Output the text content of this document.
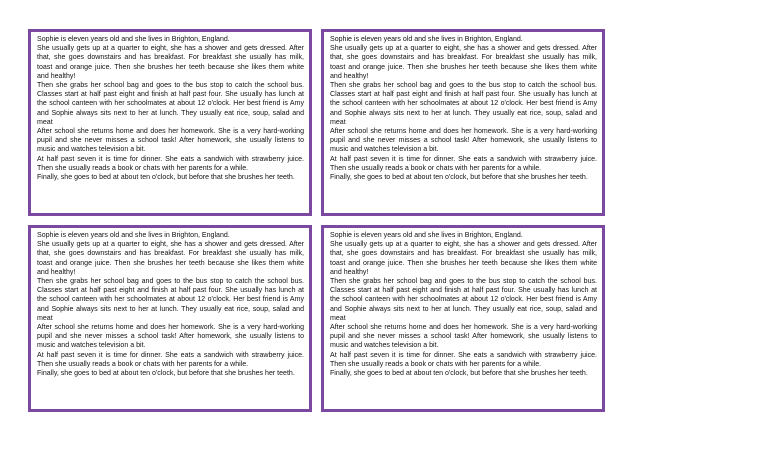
Sophie is eleven years old and she lives in Brighton, England.

She usually gets up at a quarter to eight, she has a shower and gets dressed. After that, she goes downstairs and has breakfast. For breakfast she usually has milk, toast and orange juice. Then she brushes her teeth because she likes them white and healthy!

Then she grabs her school bag and goes to the bus stop to catch the school bus. Classes start at half past eight and finish at half past four. She usually has lunch at the school canteen with her schoolmates at about 12 o'clock. Her best friend is Amy and Sophie always sits next to her at lunch. They usually eat rice, soup, salad and meat

After school she returns home and does her homework. She is a very hard-working pupil and she never misses a school task! After homework, she usually listens to music and watches television a bit.

At half past seven it is time for dinner. She eats a sandwich with strawberry juice. Then she usually reads a book or chats with her parents for a while.

Finally, she goes to bed at about ten o'clock, but before that she brushes her teeth.

Sophie is eleven years old and she lives in Brighton, England.

She usually gets up at a quarter to eight, she has a shower and gets dressed. After that, she goes downstairs and has breakfast. For breakfast she usually has milk, toast and orange juice. Then she brushes her teeth because she likes them white and healthy!

Then she grabs her school bag and goes to the bus stop to catch the school bus. Classes start at half past eight and finish at half past four. She usually has lunch at the school canteen with her schoolmates at about 12 o'clock. Her best friend is Amy and Sophie always sits next to her at lunch. They usually eat rice, soup, salad and meat

After school she returns home and does her homework. She is a very hard-working pupil and she never misses a school task! After homework, she usually listens to music and watches television a bit.

At half past seven it is time for dinner. She eats a sandwich with strawberry juice. Then she usually reads a book or chats with her parents for a while.

Finally, she goes to bed at about ten o'clock, but before that she brushes her teeth.

Sophie is eleven years old and she lives in Brighton, England.

She usually gets up at a quarter to eight, she has a shower and gets dressed. After that, she goes downstairs and has breakfast. For breakfast she usually has milk, toast and orange juice. Then she brushes her teeth because she likes them white and healthy!

Then she grabs her school bag and goes to the bus stop to catch the school bus. Classes start at half past eight and finish at half past four. She usually has lunch at the school canteen with her schoolmates at about 12 o'clock. Her best friend is Amy and Sophie always sits next to her at lunch. They usually eat rice, soup, salad and meat

After school she returns home and does her homework. She is a very hard-working pupil and she never misses a school task! After homework, she usually listens to music and watches television a bit.

At half past seven it is time for dinner. She eats a sandwich with strawberry juice. Then she usually reads a book or chats with her parents for a while.

Finally, she goes to bed at about ten o'clock, but before that she brushes her teeth.

Sophie is eleven years old and she lives in Brighton, England.

She usually gets up at a quarter to eight, she has a shower and gets dressed. After that, she goes downstairs and has breakfast. For breakfast she usually has milk, toast and orange juice. Then she brushes her teeth because she likes them white and healthy!

Then she grabs her school bag and goes to the bus stop to catch the school bus. Classes start at half past eight and finish at half past four. She usually has lunch at the school canteen with her schoolmates at about 12 o'clock. Her best friend is Amy and Sophie always sits next to her at lunch. They usually eat rice, soup, salad and meat

After school she returns home and does her homework. She is a very hard-working pupil and she never misses a school task! After homework, she usually listens to music and watches television a bit.

At half past seven it is time for dinner. She eats a sandwich with strawberry juice. Then she usually reads a book or chats with her parents for a while.

Finally, she goes to bed at about ten o'clock, but before that she brushes her teeth.
